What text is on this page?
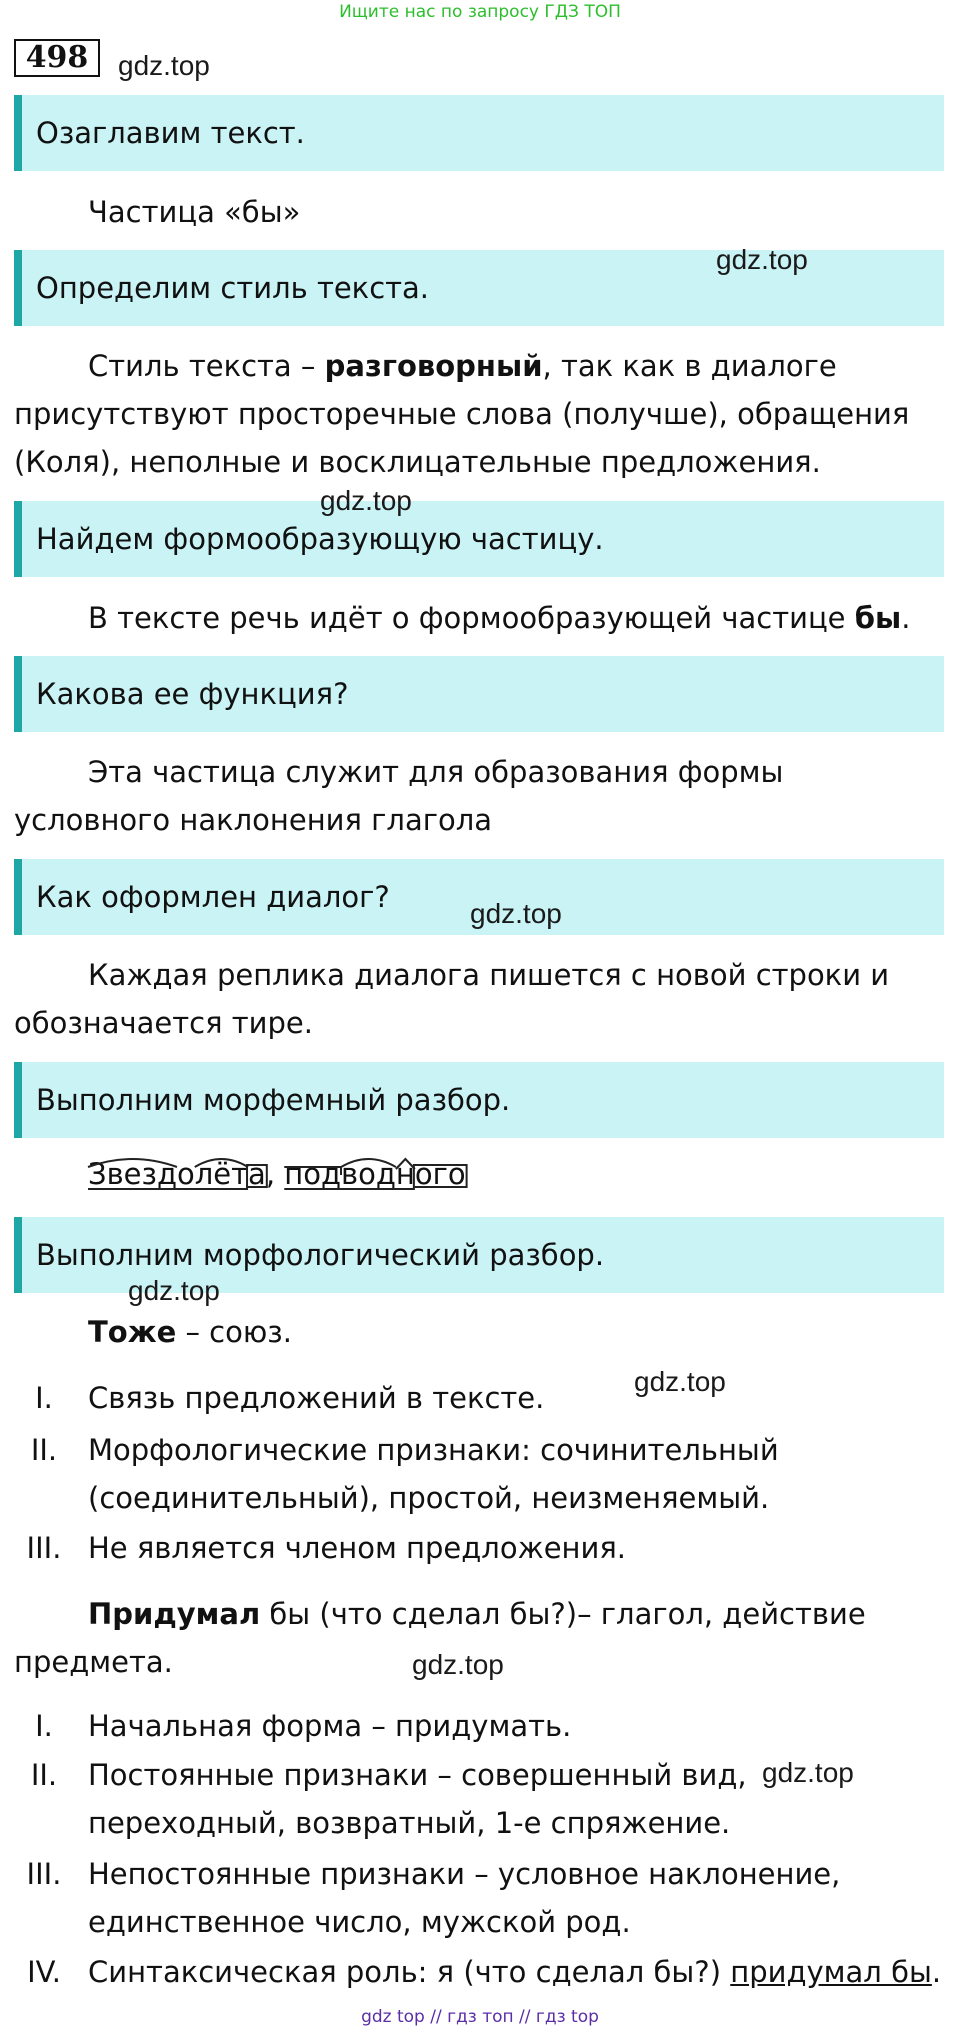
Ищите нас по запросу ГДЗ ТОП
498	gdz.top
Озаглавим текст.
Частица «бы»
Определим стиль текста.
gdz.top
Стиль текста – разговорный, так как в диалоге присутствуют просторечные слова (получше), обращения (Коля), неполные и восклицательные предложения.
Найдем формообразующую частицу.
gdz.top
В тексте речь идёт о формообразующей частице бы.
Какова ее функция?
Эта частица служит для образования формы условного наклонения глагола
Как оформлен диалог?	gdz.top
Каждая реплика диалога пишется с новой строки и обозначается тире.
Выполним морфемный разбор.
Звездолёта, подводного
Выполним морфологический разбор.
gdz.top
Тоже – союз.
gdz.top
I.	Связь предложений в тексте.
II.	Морфологические признаки: сочинительный (соединительный), простой, неизменяемый.
III. Не является членом предложения.
Придумал бы (что сделал бы?)– глагол, действие предмета.	gdz.top
I.	Начальная форма – придумать.
II.	Постоянные признаки – совершенный вид, переходный, возвратный, 1-е спряжение.
gdz.top
III. Непостоянные признаки – условное наклонение, единственное число, мужской род.
IV. Синтаксическая роль: я (что сделал бы?) придумал бы.
gdz top // гдз топ // гдз top
